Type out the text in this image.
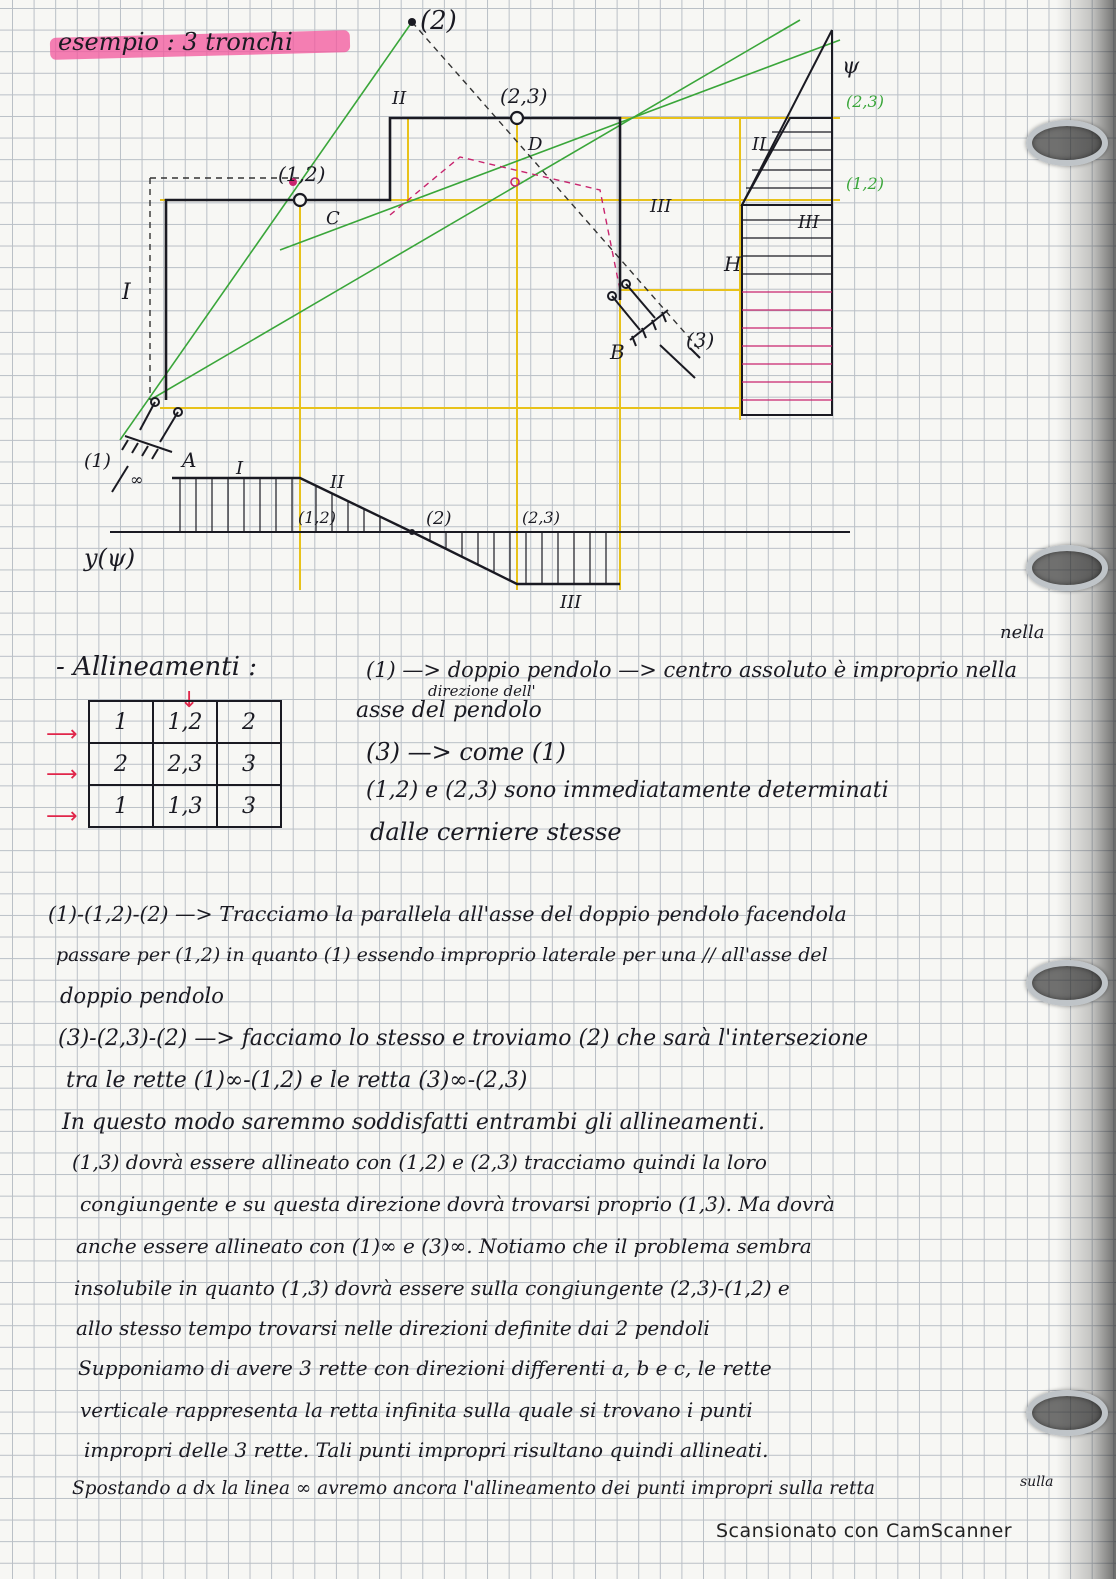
esempio : 3 tronchi
(2)
(2,3)
(1,2)
(1)
(3)
A
B
C
D
I
II
III
I
II
III
II
III
H
ψ
(2,3)
(1,2)
(1,2)	(2)	(2,3)
y(ψ)
∞
- Allineamenti :
↓
1	1,2	2
2	2,3	3
1	1,3	3
⟶
⟶
⟶
nella
(1) —> doppio pendolo —> centro assoluto è improprio nella
direzione dell'
asse del pendolo
(3) —> come (1)
(1,2) e (2,3) sono immediatamente determinati
dalle cerniere stesse
(1)-(1,2)-(2) —> Tracciamo la parallela all'asse del doppio pendolo facendola
passare per (1,2) in quanto (1) essendo improprio laterale per una // all'asse del
doppio pendolo
(3)-(2,3)-(2) —> facciamo lo stesso e troviamo (2) che sarà l'intersezione
tra le rette (1)∞-(1,2) e le retta (3)∞-(2,3)
In questo modo saremmo soddisfatti entrambi gli allineamenti.
(1,3) dovrà essere allineato con (1,2) e (2,3) tracciamo quindi la loro
congiungente e su questa direzione dovrà trovarsi proprio (1,3). Ma dovrà
anche essere allineato con (1)∞ e (3)∞. Notiamo che il problema sembra
insolubile in quanto (1,3) dovrà essere sulla congiungente (2,3)-(1,2) e
allo stesso tempo trovarsi nelle direzioni definite dai 2 pendoli
Supponiamo di avere 3 rette con direzioni differenti a, b e c, le rette
verticale rappresenta la retta infinita sulla quale si trovano i punti
impropri delle 3 rette. Tali punti impropri risultano quindi allineati.
Spostando a dx la linea ∞ avremo ancora l'allineamento dei punti impropri sulla retta	sulla
Scansionato con CamScanner
